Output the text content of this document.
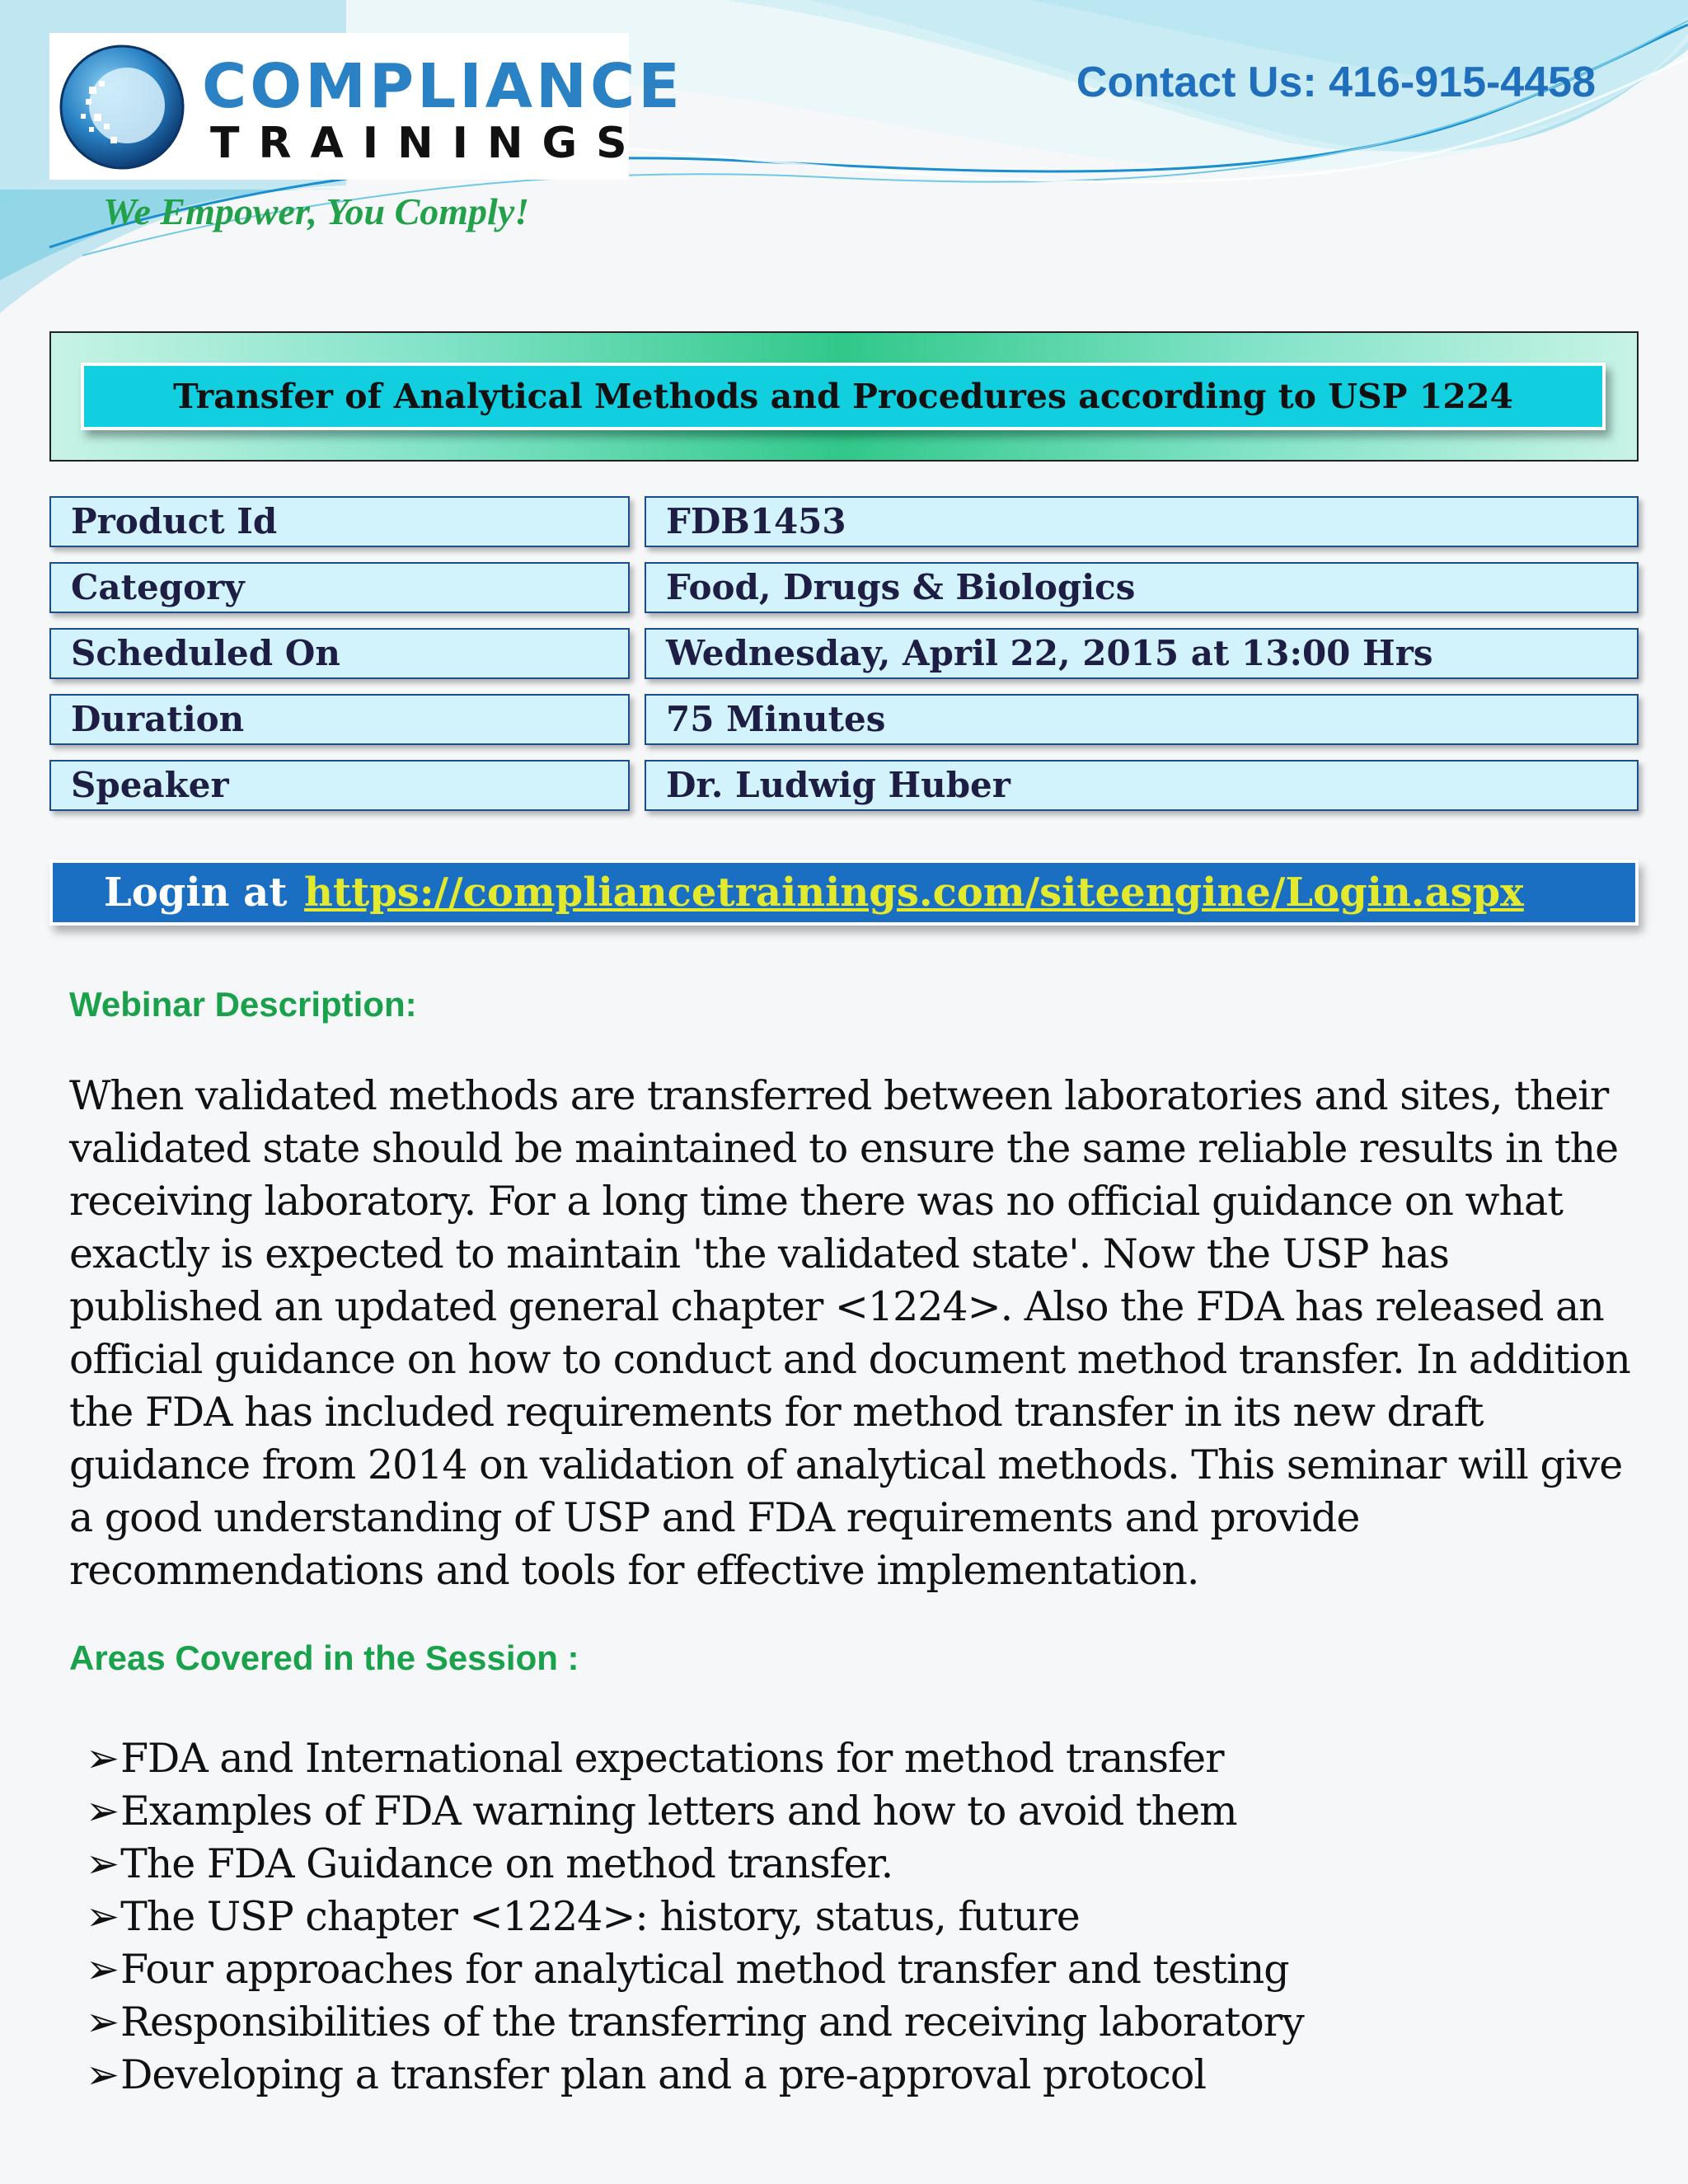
COMPLIANCE
TRAININGS
We Empower, You Comply!
Contact Us: 416-915-4458
Transfer of Analytical Methods and Procedures according to USP 1224
Product Id	FDB1453
Category	Food, Drugs & Biologics
Scheduled On	Wednesday, April 22, 2015 at 13:00 Hrs
Duration	75 Minutes
Speaker	Dr. Ludwig Huber
Login at https://compliancetrainings.com/siteengine/Login.aspx
Webinar Description:

When validated methods are transferred between laboratories and sites, their validated state should be maintained to ensure the same reliable results in the receiving laboratory. For a long time there was no official guidance on what exactly is expected to maintain 'the validated state'. Now the USP has published an updated general chapter <1224>. Also the FDA has released an official guidance on how to conduct and document method transfer. In addition the FDA has included requirements for method transfer in its new draft guidance from 2014 on validation of analytical methods. This seminar will give a good understanding of USP and FDA requirements and provide recommendations and tools for effective implementation.

Areas Covered in the Session :
➢FDA and International expectations for method transfer
➢Examples of FDA warning letters and how to avoid them
➢The FDA Guidance on method transfer.
➢The USP chapter <1224>: history, status, future
➢Four approaches for analytical method transfer and testing
➢Responsibilities of the transferring and receiving laboratory
➢Developing a transfer plan and a pre-approval protocol
